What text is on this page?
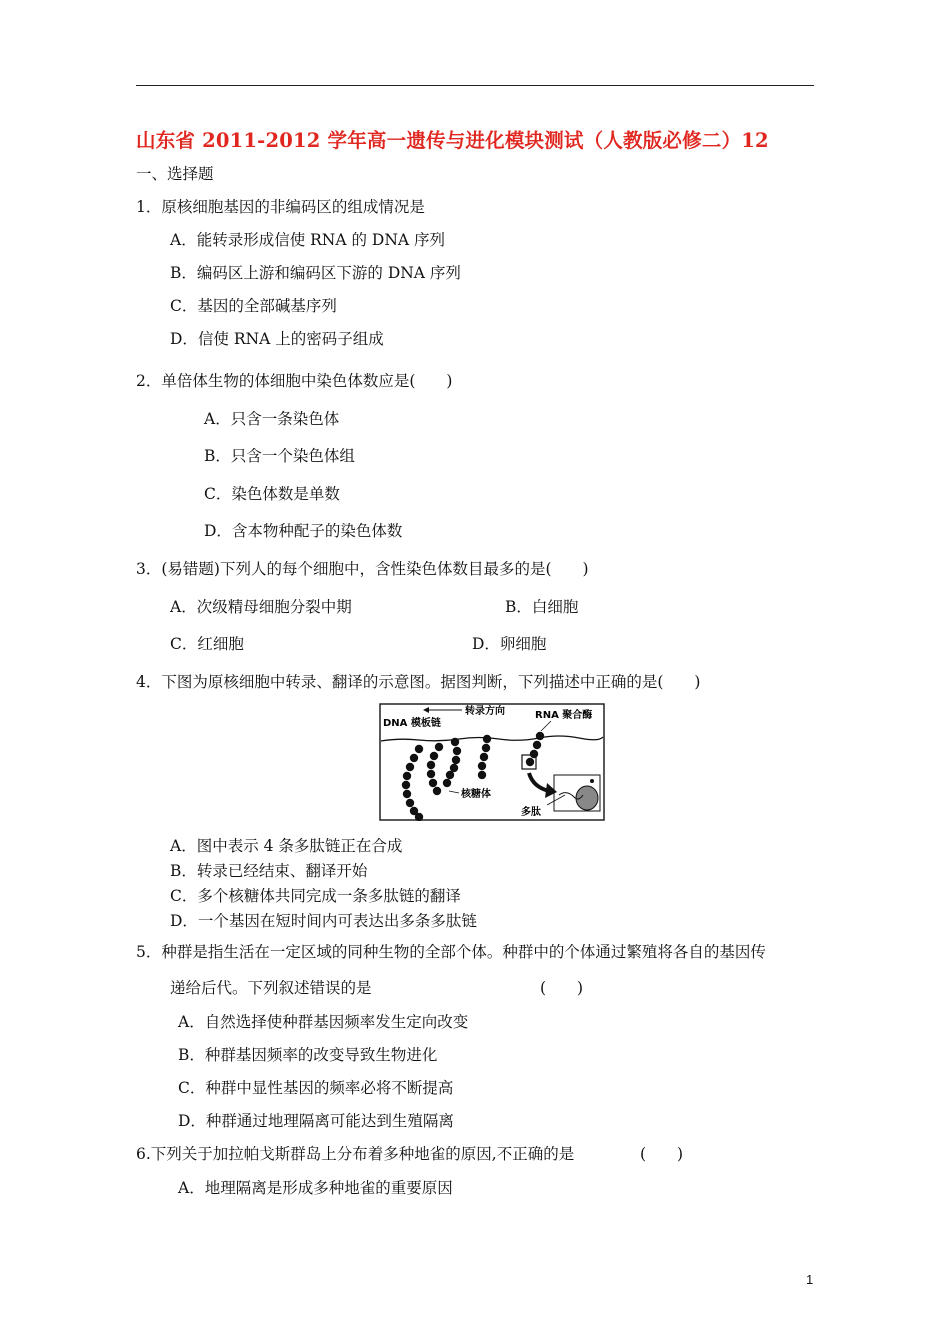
山东省 2011-2012 学年高一遗传与进化模块测试（人教版必修二）12
一、选择题
1．原核细胞基因的非编码区的组成情况是
A．能转录形成信使 RNA 的 DNA 序列
B．编码区上游和编码区下游的 DNA 序列
C．基因的全部碱基序列
D．信使 RNA 上的密码子组成
2．单倍体生物的体细胞中染色体数应是(　　)
A．只含一条染色体
B．只含一个染色体组
C．染色体数是单数
D．含本物种配子的染色体数
3．(易错题)下列人的每个细胞中，含性染色体数目最多的是(　　)
A．次级精母细胞分裂中期	B．白细胞
C．红细胞	D．卵细胞
4．下图为原核细胞中转录、翻译的示意图。据图判断，下列描述中正确的是(　　)
转录方向
DNA 模板链
RNA 聚合酶
核糖体
多肽
A．图中表示 4 条多肽链正在合成
B．转录已经结束、翻译开始
C．多个核糖体共同完成一条多肽链的翻译
D．一个基因在短时间内可表达出多条多肽链
5．种群是指生活在一定区域的同种生物的全部个体。种群中的个体通过繁殖将各自的基因传
递给后代。下列叙述错误的是	(　　)
A．自然选择使种群基因频率发生定向改变
B．种群基因频率的改变导致生物进化
C．种群中显性基因的频率必将不断提高
D．种群通过地理隔离可能达到生殖隔离
6.下列关于加拉帕戈斯群岛上分布着多种地雀的原因,不正确的是	(　　)
A．地理隔离是形成多种地雀的重要原因
1
